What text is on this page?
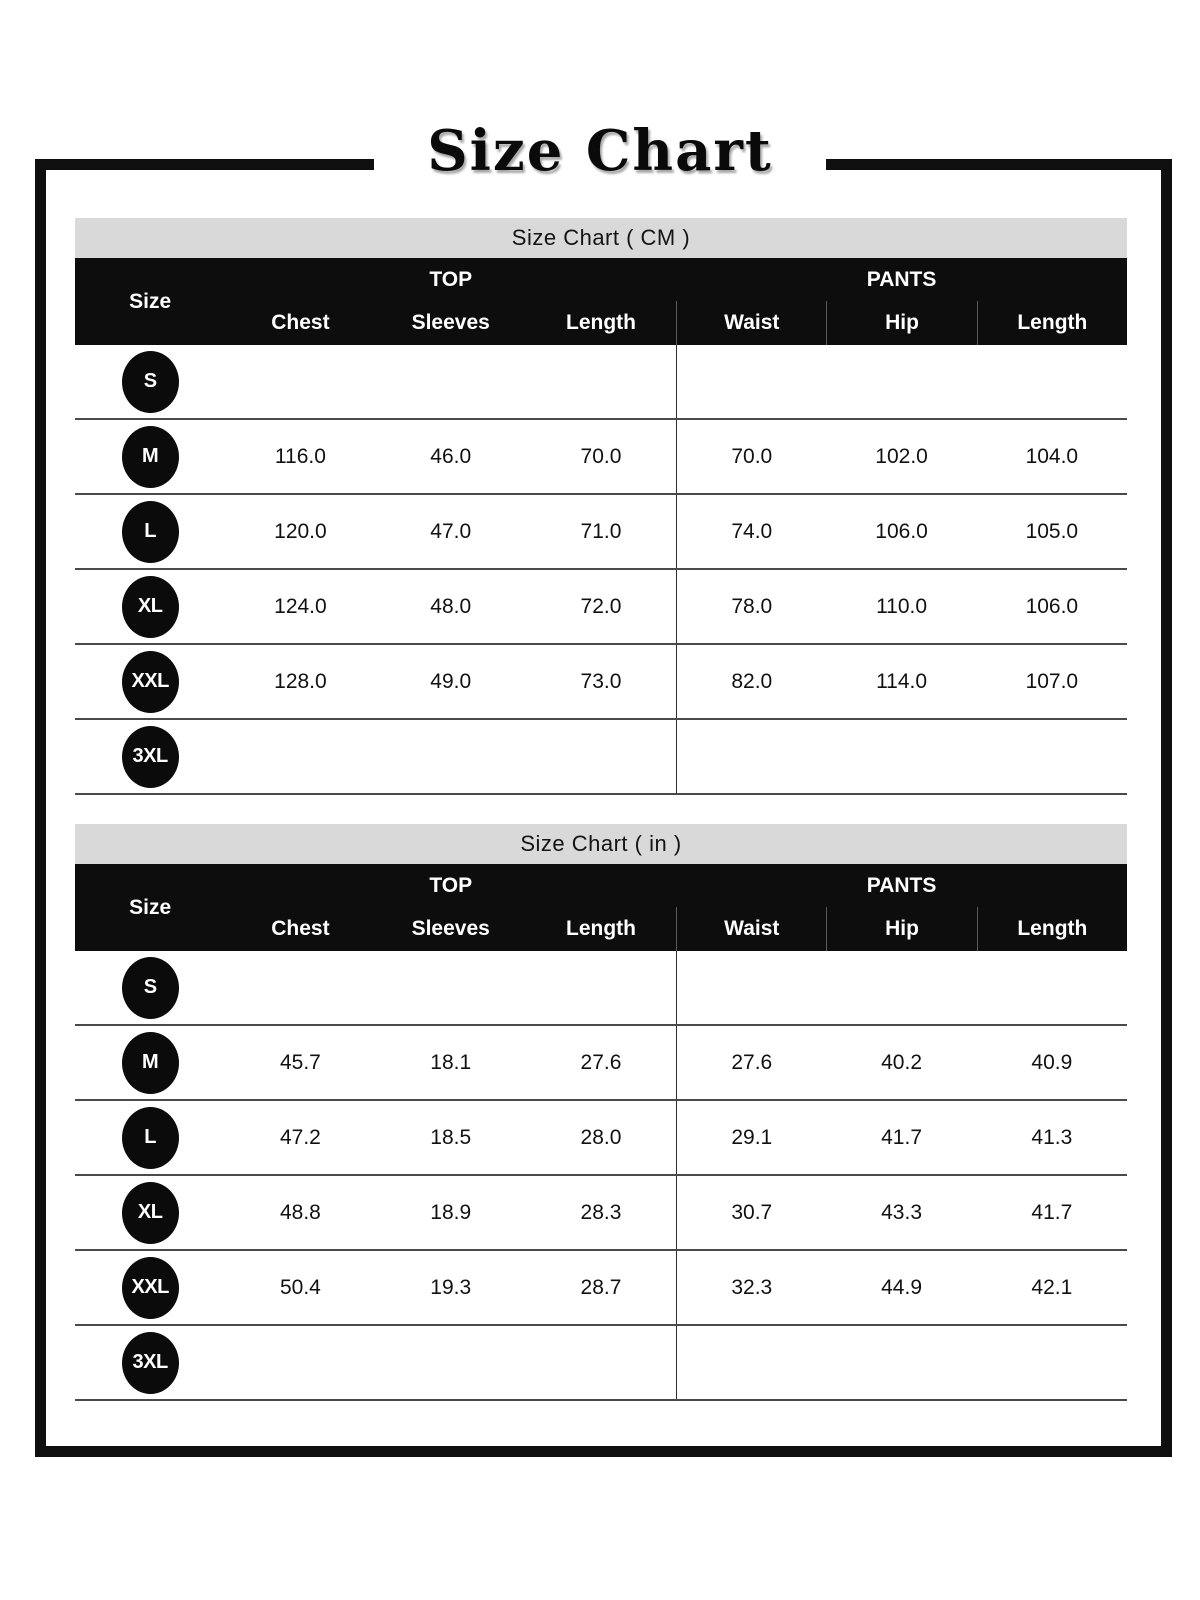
Size Chart
Size Chart ( CM )
Size
TOP	PANTS
Chest	Sleeves	Length	Waist	Hip	Length
S
M	116.0	46.0	70.0	70.0	102.0	104.0
L	120.0	47.0	71.0	74.0	106.0	105.0
XL	124.0	48.0	72.0	78.0	110.0	106.0
XXL	128.0	49.0	73.0	82.0	114.0	107.0
3XL
Size Chart ( in )
Size
TOP	PANTS
Chest	Sleeves	Length	Waist	Hip	Length
S
M	45.7	18.1	27.6	27.6	40.2	40.9
L	47.2	18.5	28.0	29.1	41.7	41.3
XL	48.8	18.9	28.3	30.7	43.3	41.7
XXL	50.4	19.3	28.7	32.3	44.9	42.1
3XL
